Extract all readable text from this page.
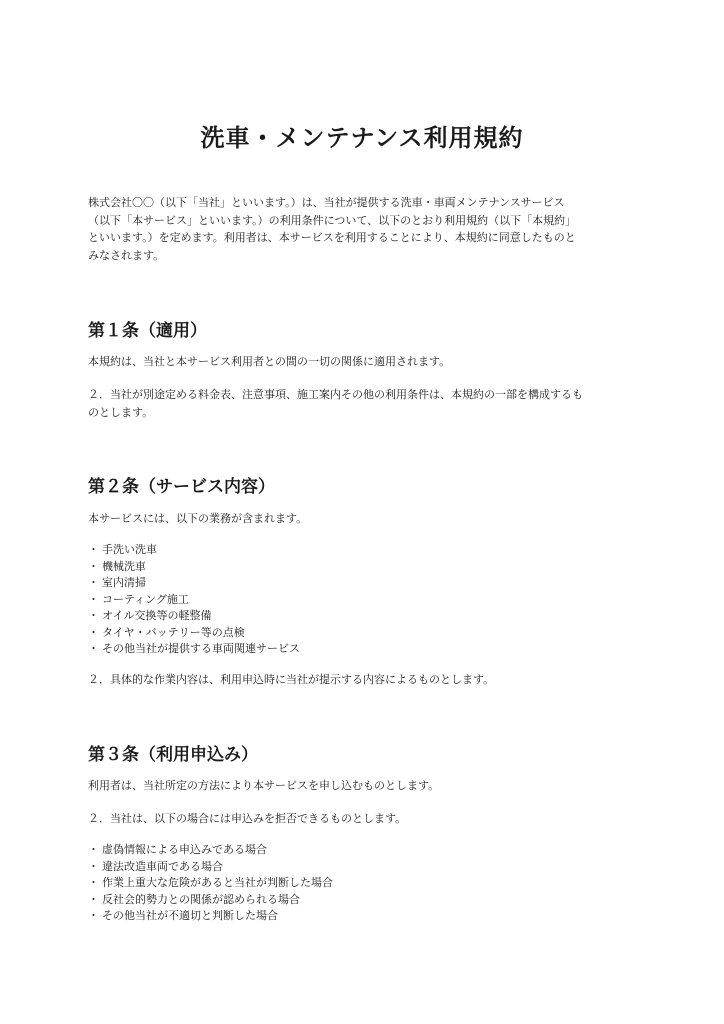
洗車・メンテナンス利用規約
株式会社〇〇（以下「当社」といいます。）は、当社が提供する洗車・車両メンテナンスサービス
（以下「本サービス」といいます。）の利用条件について、以下のとおり利用規約（以下「本規約」
といいます。）を定めます。利用者は、本サービスを利用することにより、本規約に同意したものと
みなされます。
第１条（適用）

本規約は、当社と本サービス利用者との間の一切の関係に適用されます。

２．当社が別途定める料金表、注意事項、施工案内その他の利用条件は、本規約の一部を構成するも
のとします。

第２条（サービス内容）

本サービスには、以下の業務が含まれます。

・ 手洗い洗車
・ 機械洗車
・ 室内清掃
・ コーティング施工
・ オイル交換等の軽整備
・ タイヤ・バッテリー等の点検
・ その他当社が提供する車両関連サービス

２．具体的な作業内容は、利用申込時に当社が提示する内容によるものとします。

第３条（利用申込み）

利用者は、当社所定の方法により本サービスを申し込むものとします。

２．当社は、以下の場合には申込みを拒否できるものとします。

・ 虚偽情報による申込みである場合
・ 違法改造車両である場合
・ 作業上重大な危険があると当社が判断した場合
・ 反社会的勢力との関係が認められる場合
・ その他当社が不適切と判断した場合
